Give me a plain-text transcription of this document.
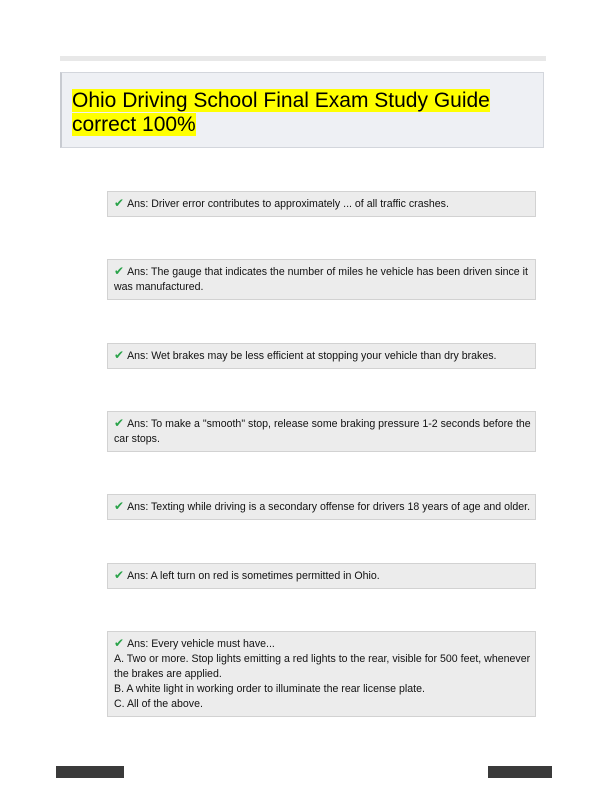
Ohio Driving School Final Exam Study Guide
correct 100%
✔ Ans: Driver error contributes to approximately ... of all traffic crashes.
✔ Ans: The gauge that indicates the number of miles he vehicle has been driven since it was manufactured.
✔ Ans: Wet brakes may be less efficient at stopping your vehicle than dry brakes.
✔ Ans: To make a "smooth" stop, release some braking pressure 1-2 seconds before the car stops.
✔ Ans: Texting while driving is a secondary offense for drivers 18 years of age and older.
✔ Ans: A left turn on red is sometimes permitted in Ohio.
✔ Ans: Every vehicle must have...
A. Two or more. Stop lights emitting a red lights to the rear, visible for 500 feet, whenever the brakes are applied.
B. A white light in working order to illuminate the rear license plate.
C. All of the above.
